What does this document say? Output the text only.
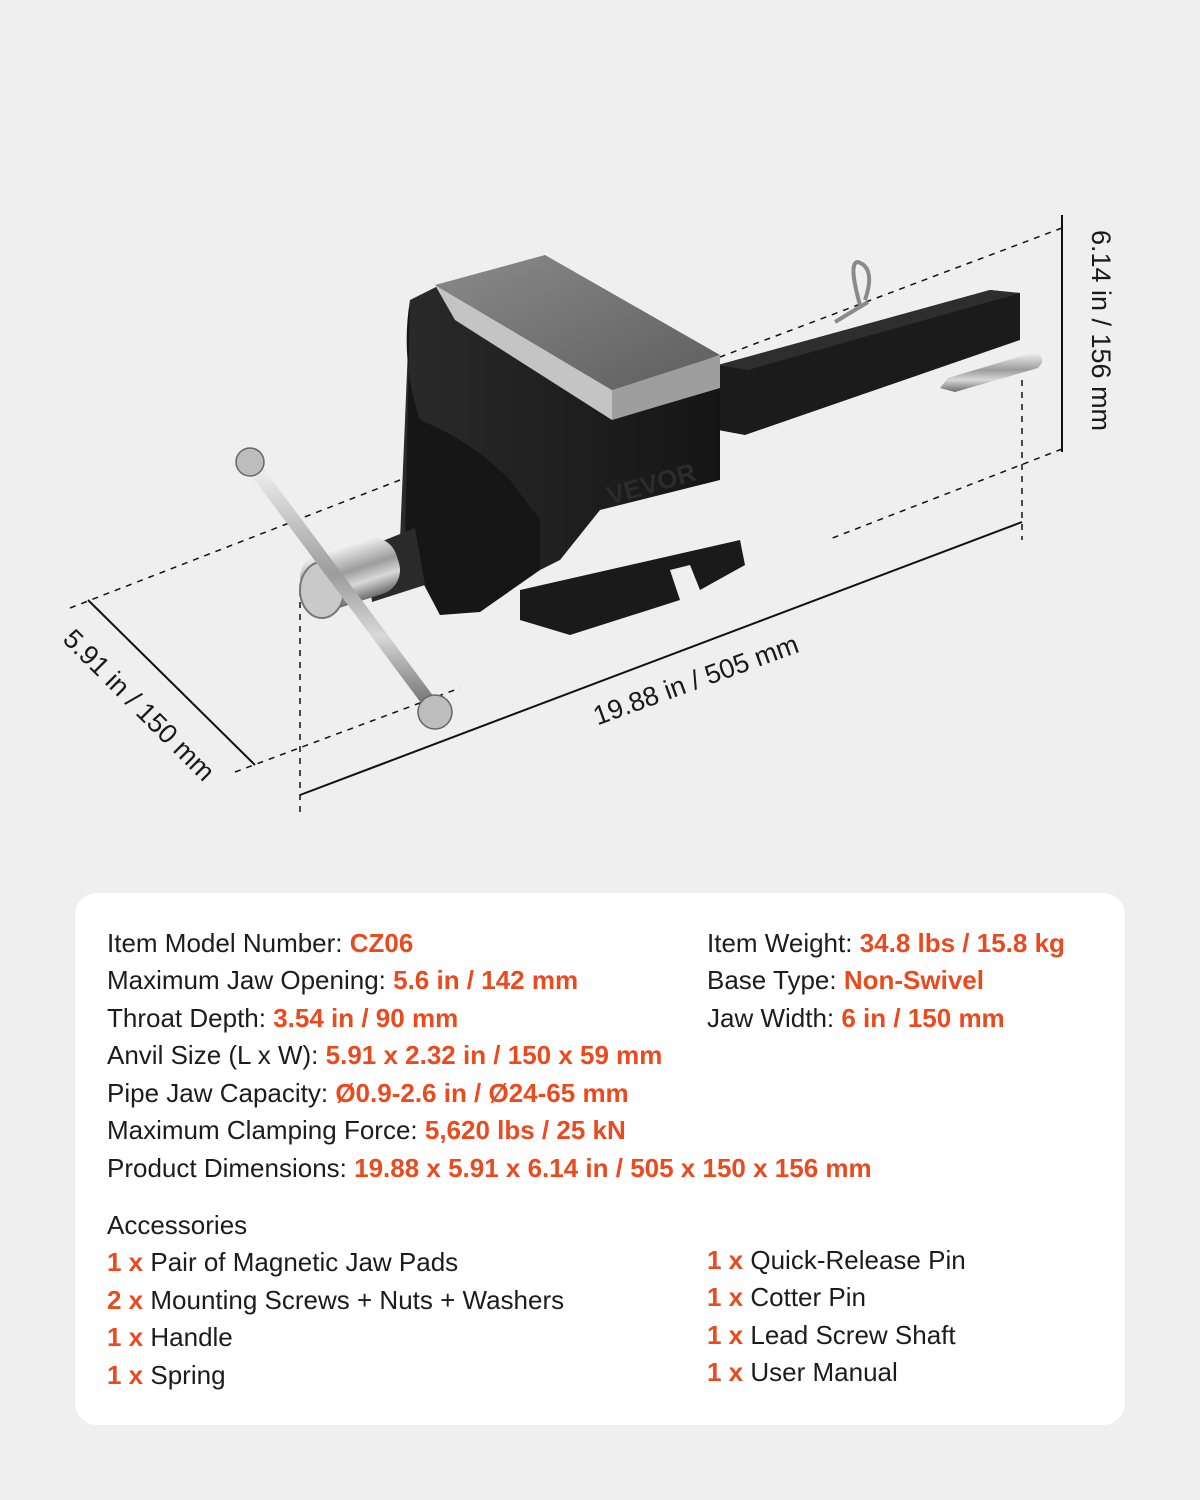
VEVOR
6.14 in / 156 mm
19.88 in / 505 mm
5.91 in / 150 mm
Item Model Number: CZ06
Maximum Jaw Opening: 5.6 in / 142 mm
Throat Depth: 3.54 in / 90 mm
Anvil Size (L x W): 5.91 x 2.32 in / 150 x 59 mm
Pipe Jaw Capacity: Ø0.9-2.6 in / Ø24-65 mm
Maximum Clamping Force: 5,620 lbs / 25 kN
Product Dimensions: 19.88 x 5.91 x 6.14 in / 505 x 150 x 156 mm
Item Weight: 34.8 lbs / 15.8 kg
Base Type: Non-Swivel
Jaw Width: 6 in / 150 mm
Accessories
1 x Pair of Magnetic Jaw Pads
2 x Mounting Screws + Nuts + Washers
1 x Handle
1 x Spring
1 x Quick-Release Pin
1 x Cotter Pin
1 x Lead Screw Shaft
1 x User Manual
